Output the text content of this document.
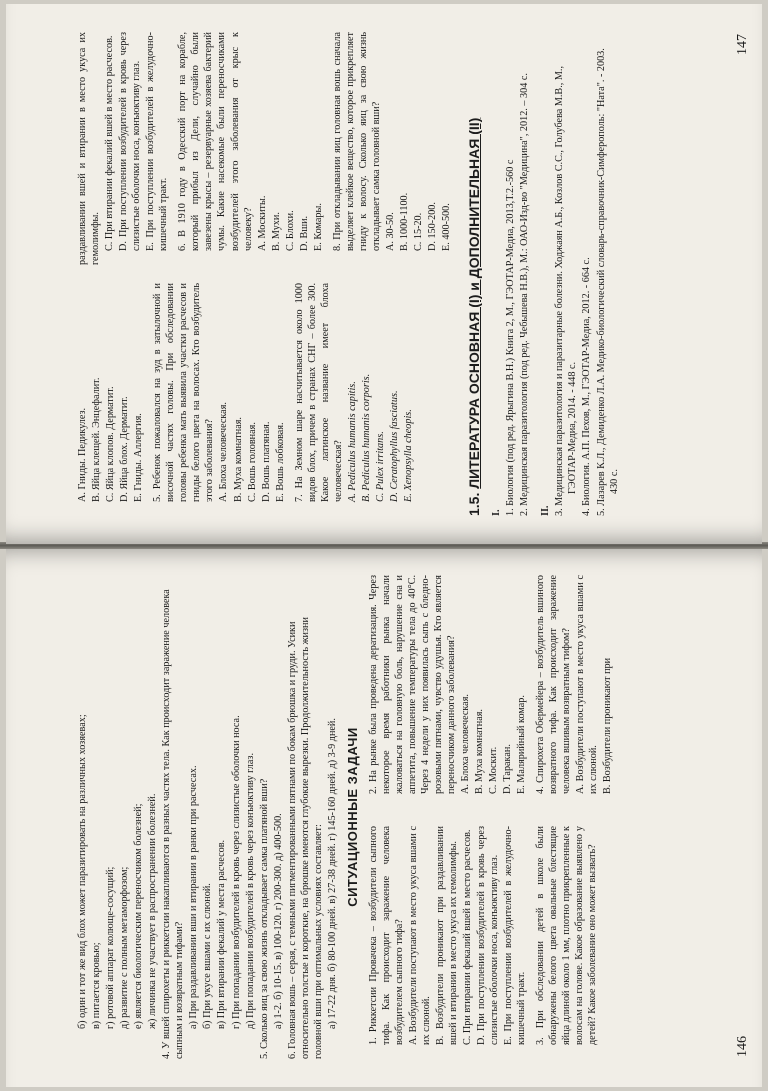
б) один и тот же вид блох может паразитировать на различных хозяевах; в) питается кровью; г) ротовой аппарат колюще-сосущий; д) развитие с полным метаморфозом; е) является биологическим переносчиком болезней; ж) личинка не участвует в распространении болезней. 4. У вшей спирохеты и риккетсии накапливаются в разных частях тела. Как происходит заражение человека сыпным и возвратным тифами? а) При раздавливании вши и втирании в ранки при расчесах. б) При укусе вшами с их слюной. в) При втирании фекалий у места расчесов. г) При попадании возбудителей в кровь через слизистые оболочки носа. д) При попадании возбудителей в кровь через конъюктиву глаз. 5. Сколько яиц за свою жизнь откладывает самка платяной вши? а) 1-2. б) 10-15. в) 100-120. г) 200-300. д) 400-500. 6. Головная вошь – серая, с темными пигментированными пятнами по бокам брюшка и груди. Усики относительно толстые и короткие, на брюшке имеются глубокие вырезки. Продолжительность жизни головной вши при оптимальных условиях составляет: а) 17-22 дня. б) 80-100 дней. в) 27-38 дней. г) 145-160 дней. д) 3-9 дней. СИТУАЦИОННЫЕ ЗАДАЧИ

1. Риккетсии Провачека – возбудители сыпного тифа. Как происходит заражение человека возбудителем сыпного тифа? A. Возбудители поступают в место укуса вшами с их слюной. B. Возбудители проникают при раздавливании вшей и втирании в место укуса их гемолимфы. C. При втирании фекалий вшей в место расчесов. D. При поступлении возбудителей в кровь через слизистые оболочки носа, конъюктиву глаз. E. При поступлении возбудителей в желудочно-кишечный тракт. 3. При обследовании детей в школе были обнаружены белого цвета овальные блестящие яйца длиной около 1 мм, плотно прикрепленные к волосам на голове. Какое образование выявлено у детей? Какое заболевание оно может вызвать?

2. На рынке была проведена дератизация. Через некоторое время работники рынка начали жаловаться на головную боль, нарушение сна и аппетита, повышение температуры тела до 40°С. Через 4 недели у них появилась сыпь с бледно-розовыми пятнами, чувство удушья. Кто является переносчиком данного заболевания? A. Блоха человеческая. B. Муха комнатная. C. Москит. D. Таракан. E. Малярийный комар. 4. Спирохета Обермейера – возбудитель вшиного возвратного тифа. Как происходит заражение человека вшивым возвратным тифом? A. Возбудители поступают в место укуса вшами с их слюной. B. Возбудители проникают при

146

A. Гниды. Педикулез. B. Яйца клещей. Энцефалит. C. Яйца клопов. Дерматит. D. Яйца блох. Дерматит. E. Гниды. Аллергия. 5. Ребенок пожаловался на зуд в затылочной и височной частях головы. При обследовании головы ребенка мать выявила участки расчесов и гниды белого цвета на волосах. Кто возбудитель этого заболевания? A. Блоха человеческая. B. Муха комнатная. C. Вошь головная. D. Вошь платяная. E. Вошь лобковая. 7. На Земном шаре насчитывается около 1000 видов блох, причем в странах СНГ – более 300. Какое латинское название имеет блоха человеческая? A. Pediculus humanis capitis. B. Pediculus humanis corporis. C. Pulex irritans. D. Ceratophyllus fasciatus. E. Xenopsylla cheopis.

раздавливании вшей и втирании в место укуса их гемолимфы. C. При втирании фекалий вшей в место расчесов. D. При поступлении возбудителей в кровь через слизистые оболочки носа, конъюктиву глаз. E. При поступлении возбудителей в желудочно-кишечный тракт. 6. В 1910 году в Одесский порт на корабле, который прибыл из Дели, случайно были завезены крысы – резервуарные хозяева бактерий чумы. Какие насекомые были переносчиками возбудителей этого заболевания от крыс к человеку? A. Москиты. B. Мухи. C. Блохи. D. Вши. E. Комары. 8. При откладывании яиц головная вошь сначала выделяет клейкое вещество, которое прикрепляет гниду к волосу. Сколько яиц за свою жизнь откладывает самка головной вши? A. 30-50. B. 1000-1100. C. 15-20. D. 150-200. E. 400-500.

1.5. ЛИТЕРАТУРА ОСНОВНАЯ (I) и ДОПОЛНИТЕЛЬНАЯ (II)

I. 1. Биология (под ред. Ярыгина В.Н.) Книга 2, М., ГЭОТАР-Медиа, 2013,Т.2.-560 с 2. Медицинская паразитология (под ред. Чебышева Н.В.), М.: ОАО-Изд-во "Медицина", 2012. – 304 с. II. 3. Медицинская паразитология и паразитарные болезни. Ходжаян А.Б., Козлов С.С., Голубева М.В., М., ГЭОТАР-Медиа, 2014. - 448 с. 4. Биология. А.П. Пехов, М., ГЭОТАР-Медиа, 2012. - 664 с. 5. Лазарев К.Л., Демиденко Л.А. Медико-биологический словарь-справочник-Симферополь: "Ната". - 2003. 430 с.

147
